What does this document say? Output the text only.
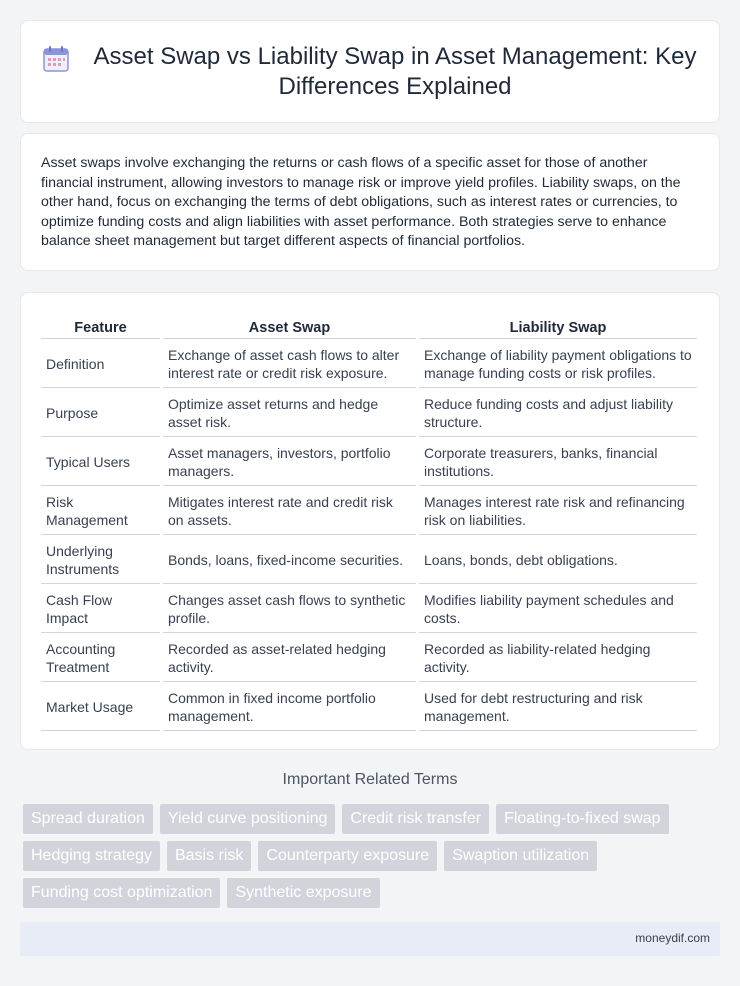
Asset Swap vs Liability Swap in Asset Management: Key Differences Explained

Asset swaps involve exchanging the returns or cash flows of a specific asset for those of another financial instrument, allowing investors to manage risk or improve yield profiles. Liability swaps, on the other hand, focus on exchanging the terms of debt obligations, such as interest rates or currencies, to optimize funding costs and align liabilities with asset performance. Both strategies serve to enhance balance sheet management but target different aspects of financial portfolios.

Feature	Asset Swap	Liability Swap
Definition	Exchange of asset cash flows to alter interest rate or credit risk exposure.	Exchange of liability payment obligations to manage funding costs or risk profiles.
Purpose	Optimize asset returns and hedge asset risk.	Reduce funding costs and adjust liability structure.
Typical Users	Asset managers, investors, portfolio managers.	Corporate treasurers, banks, financial institutions.
Risk Management	Mitigates interest rate and credit risk on assets.	Manages interest rate risk and refinancing risk on liabilities.
Underlying Instruments	Bonds, loans, fixed-income securities.	Loans, bonds, debt obligations.
Cash Flow Impact	Changes asset cash flows to synthetic profile.	Modifies liability payment schedules and costs.
Accounting Treatment	Recorded as asset-related hedging activity.	Recorded as liability-related hedging activity.
Market Usage	Common in fixed income portfolio management.	Used for debt restructuring and risk management.
Important Related Terms
Spread duration	Yield curve positioning	Credit risk transfer	Floating-to-fixed swap
Hedging strategy	Basis risk	Counterparty exposure	Swaption utilization
Funding cost optimization	Synthetic exposure
moneydif.com
